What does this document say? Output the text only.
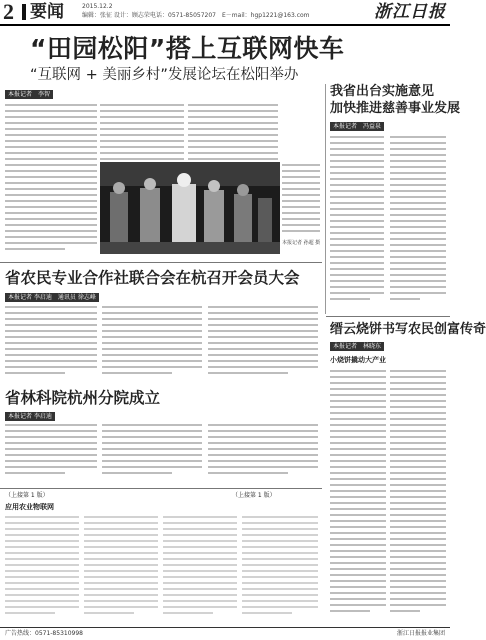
2 要闻	2015.12.2
编辑：张征 设计：顾志荣 电话：0571-85057207 E－mail：hgp1221@163.com	浙江日报
“田园松阳”搭上互联网快车
“互联网 + 美丽乡村”发展论坛在松阳举办
本报记者　李智
本报记者 孙超 摄
我省出台实施意见
加快推进慈善事业发展
本报记者　冯益泉
省农民专业合作社联合会在杭召开会员大会
本报记者 李启迪　通讯员 徐志峰
省林科院杭州分院成立
本报记者 李启迪
缙云烧饼书写农民创富传奇
本报记者　林晓东
小烧饼撬动大产业
（上接第 1 版）
应用农业物联网
（上接第 1 版）
广告热线：0571-85310998	浙江日报报业集团
